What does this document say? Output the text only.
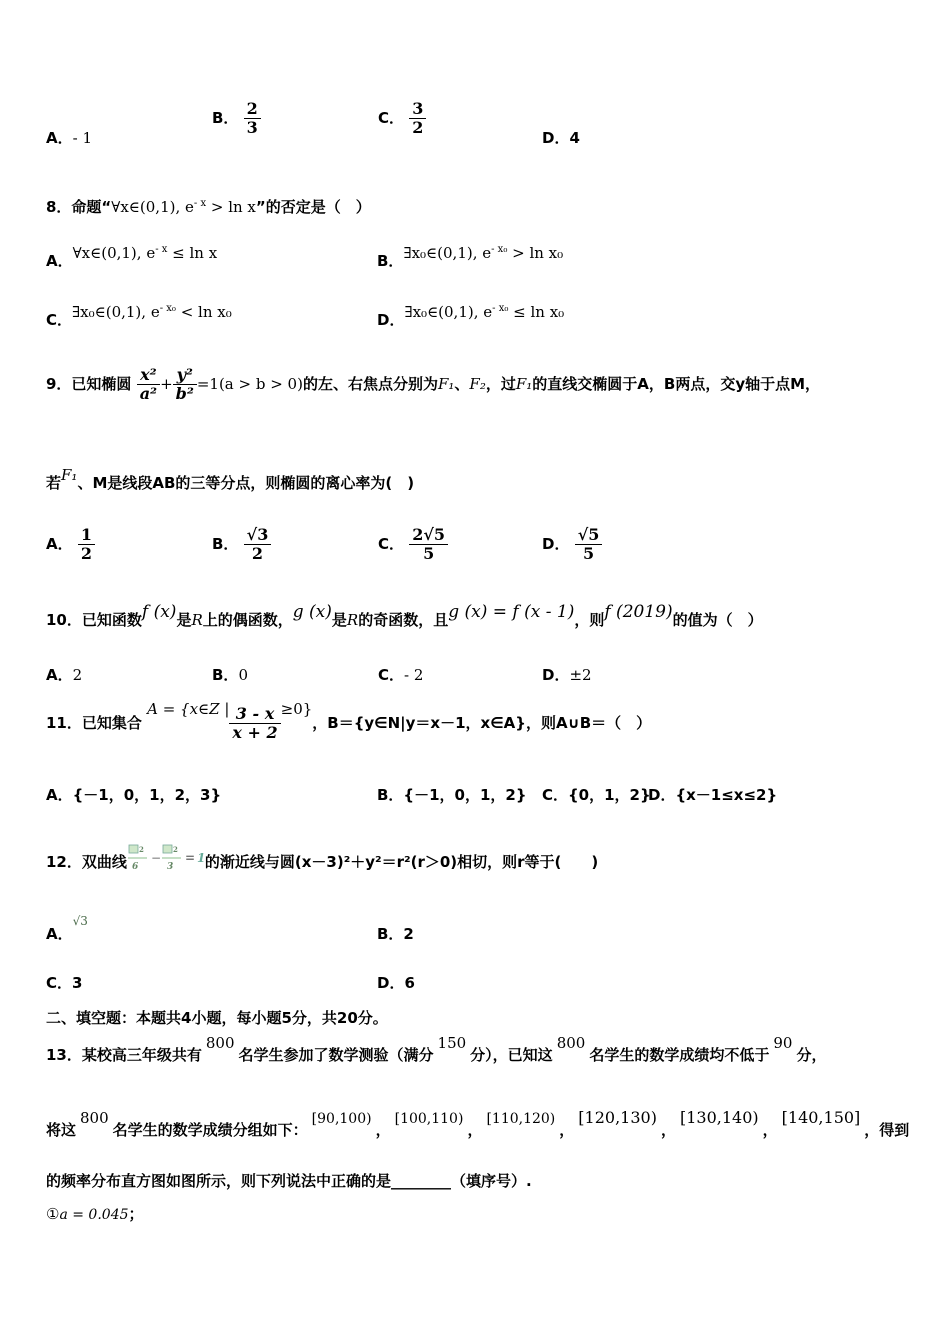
A．- 1
B． $\frac{2}{3}$	C． $\frac{3}{2}$
D．4
8．命题“∀x∈(0,1), $e^{- x} > \ln x$”的否定是（　）
A．∀x∈(0,1), $e^{- x} \le \ln x$	B．∃x₀∈(0,1), $e^{- x_0} > \ln x_0$
C．∃x₀∈(0,1), $e^{- x_0} < \ln x_0$	D．∃x₀∈(0,1), $e^{- x_0} \le \ln x_0$
9．已知椭圆 $\frac{\text{x²}}{\text{a²}} + \frac{\text{y²}}{\text{b²}} =1(a > b > 0)$的左、右焦点分别为F₁、F₂，过F₁的直线交椭圆于A，B两点，交y轴于点M，
若F₁、M是线段AB的三等分点，则椭圆的离心率为(　)
A． $\frac{1}{2}$	B． $\frac{√3}{2}$	C． $\frac{2√5}{5}$	D． $\frac{√5}{5}$
10．已知函数f (x)是R上的偶函数，g (x)是R的奇函数，且g (x) = f (x - 1)，则f (2019)的值为（　）
A．2	B．0	C．- 2	D．±2
11．已知集合 A = {x∈Z | $\frac{3 - x}{x + 2} \ge 0$}，B＝{y∈N|y＝x－1，x∈A}，则A∪B＝（　）
A．{－1，0，1，2，3}	B．{－1，0，1，2} C．{0，1，2}
D．{x－1≤x≤2}
12．双曲线
2
6
−
2
3
= 1 的渐近线与圆(x－3)²＋y²＝r²(r＞0)相切，则r等于(　　)
A．$^{√3}$
B．2
C．3	D．6
二、填空题：本题共4小题，每小题5分，共20分。
13．某校高三年级共有800名学生参加了数学测验（满分150分），已知这800名学生的数学成绩均不低于90分，
将这800名学生的数学成绩分组如下：[90,100)，[100,110)，[110,120)，[120,130)，[130,140)，[140,150]，得到
的频率分布直方图如图所示，则下列说法中正确的是________（填序号）.
①a = 0.045；
